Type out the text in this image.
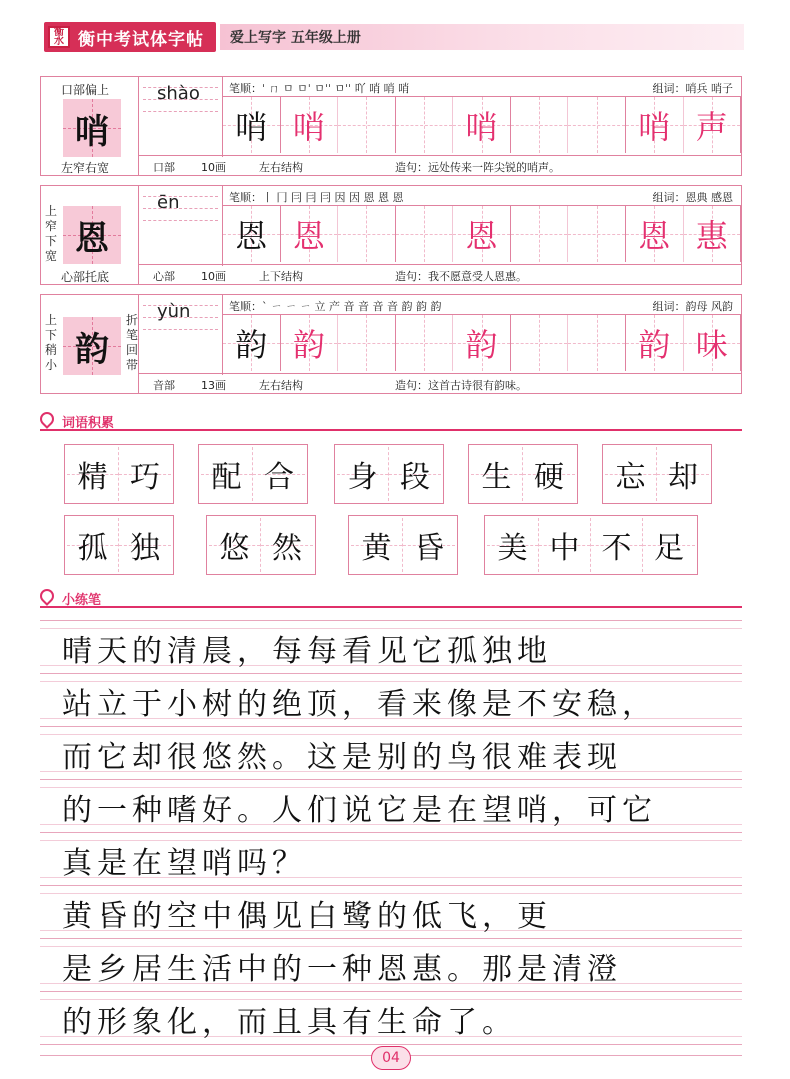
衡水 衡中考试体字帖 爱上写字 五年级上册
口部偏上
哨
左窄右宽
shào	笔顺：ˈ ㄇ ㅁ ㅁˈ ㅁˈˈ ㅁˈˈ 吖 哨 哨 哨	组词：哨兵 哨子
哨 哨	哨	哨 声
口部 10画	左右结构	造句：远处传来一阵尖锐的哨声。
上窄下宽 恩
心部托底
ēn	笔顺：丨 冂 冃 冃 冃 因 因 恩 恩 恩	组词：恩典 感恩
恩 恩	恩	恩 惠
心部 10画	上下结构	造句：我不愿意受人恩惠。
上下稍小
折笔回带
韵
yùn	笔顺：ˋ ㄧ ㄧ ㄧ 立 产 音 音 音 音 韵 韵 韵	组词：韵母 风韵
韵 韵	韵	韵 味
音部 13画	左右结构	造句：这首古诗很有韵味。
词语积累
精 巧 配 合 身 段 生 硬 忘 却
孤 独 悠 然 黄 昏 美 中 不 足
小练笔
晴天的清晨，每每看见它孤独地
站立于小树的绝顶，看来像是不安稳，
而它却很悠然。这是别的鸟很难表现
的一种嗜好。人们说它是在望哨，可它
真是在望哨吗？
黄昏的空中偶见白鹭的低飞，更
是乡居生活中的一种恩惠。那是清澄
的形象化，而且具有生命了。
04
